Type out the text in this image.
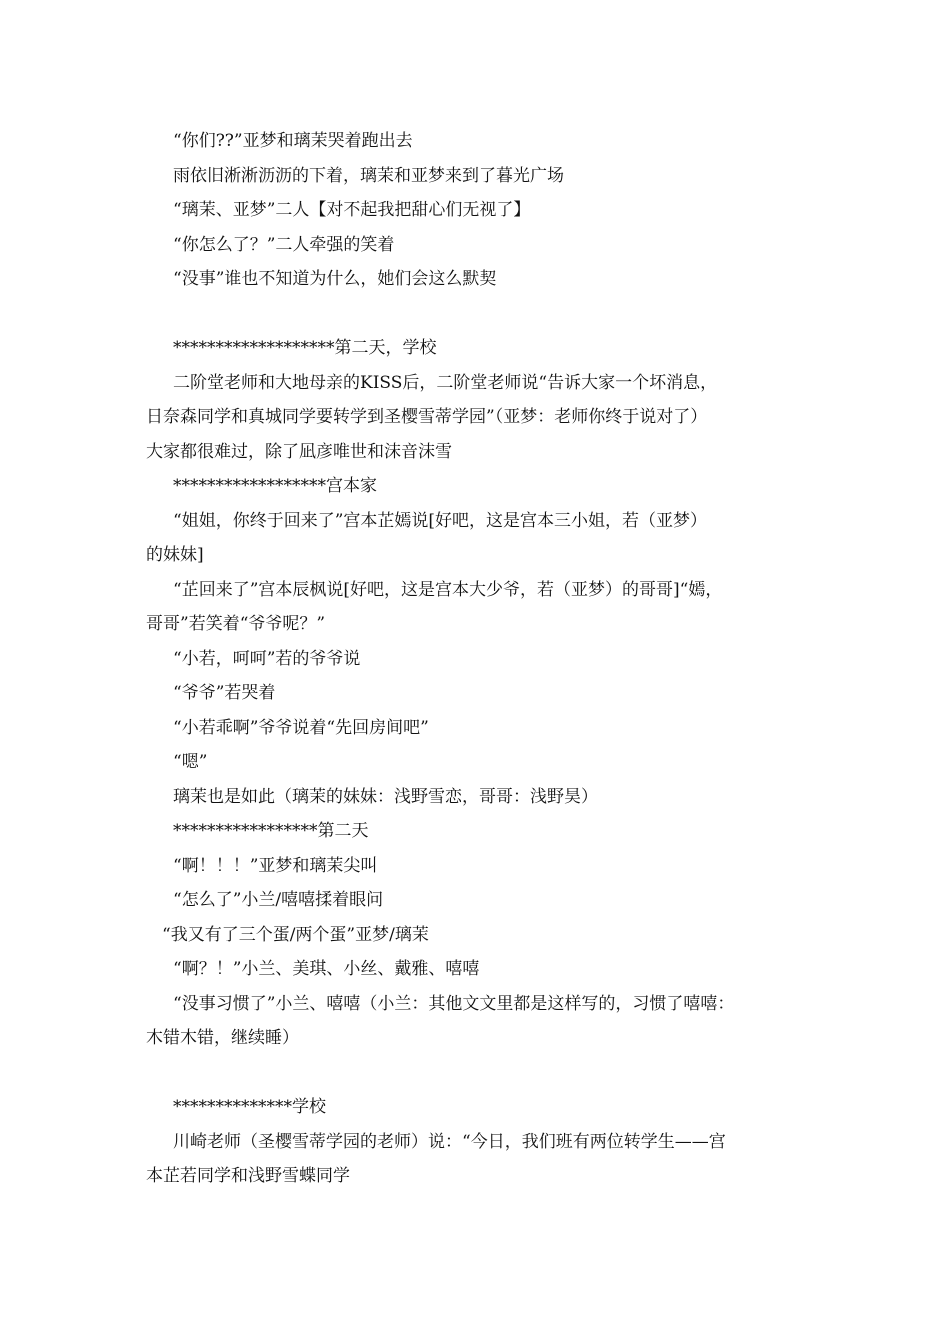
“你们??”亚梦和璃茉哭着跑出去
雨依旧淅淅沥沥的下着，璃茉和亚梦来到了暮光广场
“璃茉、亚梦”二人【对不起我把甜心们无视了】
“你怎么了？”二人牵强的笑着
“没事”谁也不知道为什么，她们会这么默契
*******************第二天，学校
二阶堂老师和大地母亲的KISS后，二阶堂老师说“告诉大家一个坏消息，
日奈森同学和真城同学要转学到圣樱雪蒂学园”（亚梦：老师你终于说对了）
大家都很难过，除了凪彦唯世和沫音沫雪
******************宫本家
“姐姐，你终于回来了”宫本芷嫣说[好吧，这是宫本三小姐，若（亚梦）
的妹妹]
“芷回来了”宫本辰枫说[好吧，这是宫本大少爷，若（亚梦）的哥哥]“嫣，
哥哥”若笑着“爷爷呢？”
“小若，呵呵”若的爷爷说
“爷爷”若哭着
“小若乖啊”爷爷说着“先回房间吧”
“嗯”
璃茉也是如此（璃茉的妹妹：浅野雪恋，哥哥：浅野昊）
*****************第二天
“啊！！！”亚梦和璃茉尖叫
“怎么了”小兰/嘻嘻揉着眼问
“我又有了三个蛋/两个蛋”亚梦/璃茉
“啊？！”小兰、美琪、小丝、戴雅、嘻嘻
“没事习惯了”小兰、嘻嘻（小兰：其他文文里都是这样写的，习惯了嘻嘻：
木错木错，继续睡）
**************学校
川崎老师（圣樱雪蒂学园的老师）说：“今日，我们班有两位转学生——宫
本芷若同学和浅野雪蝶同学
